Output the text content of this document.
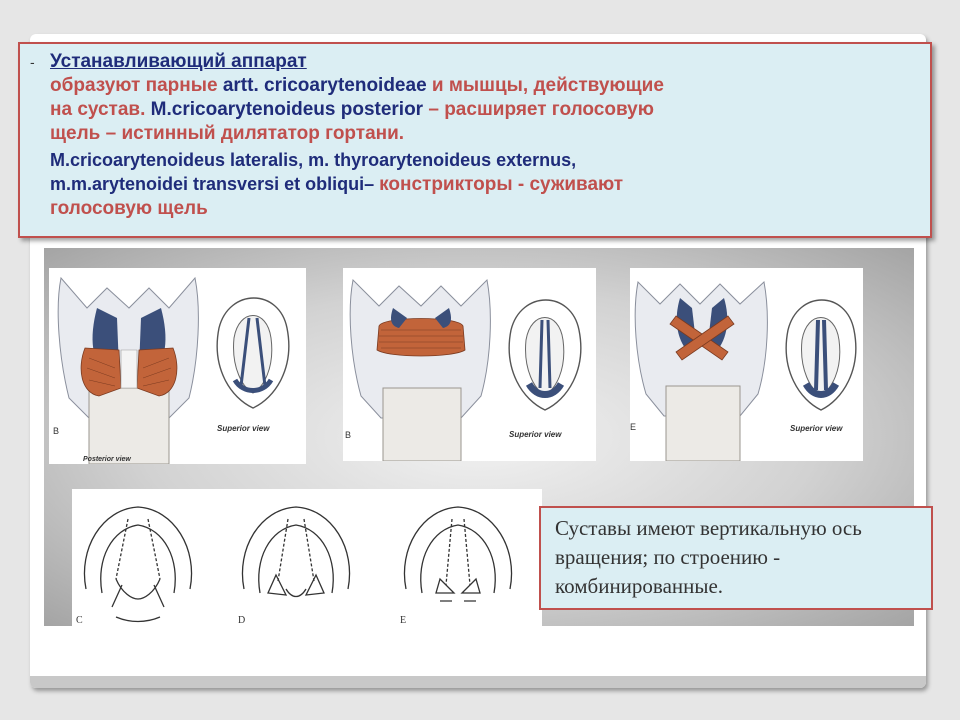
- Устанавливающий аппарат
образуют парные artt. cricoarytenoideae и мышцы, действующие
на сустав. M.cricoarytenoideus posterior – расширяет голосовую
щель – истинный дилятатор гортани.
M.cricoarytenoideus lateralis, m. thyroarytenoideus externus,
m.m.arytenoidei transversi et obliqui– констрикторы - суживают
голосовую щель
B	Superior view
Posterior view
B	Superior view
E	Superior view
C	D	E
Суставы имеют вертикальную ось вращения; по строению - комбинированные.
